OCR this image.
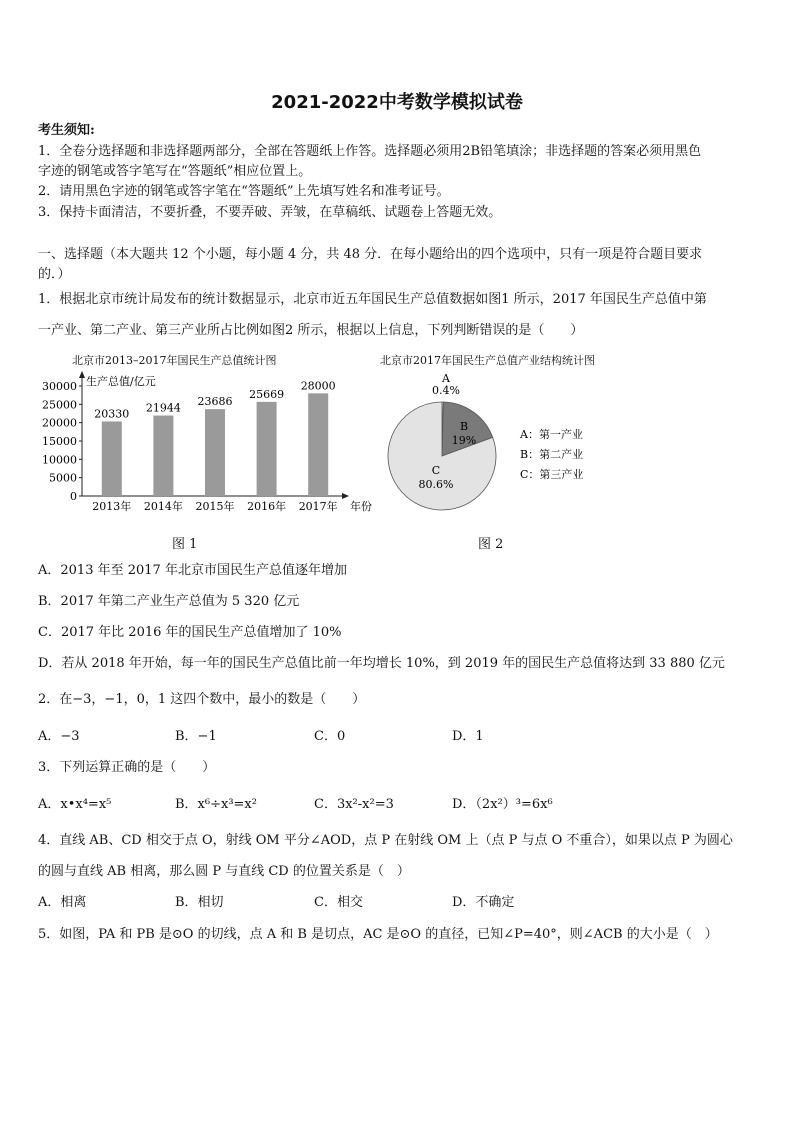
2021-2022中考数学模拟试卷
考生须知:
1．全卷分选择题和非选择题两部分，全部在答题纸上作答。选择题必须用2B铅笔填涂；非选择题的答案必须用黑色
字迹的钢笔或答字笔写在“答题纸”相应位置上。
2．请用黑色字迹的钢笔或答字笔在“答题纸”上先填写姓名和准考证号。
3．保持卡面清洁，不要折叠，不要弄破、弄皱，在草稿纸、试题卷上答题无效。
一、选择题（本大题共 12 个小题，每小题 4 分，共 48 分．在每小题给出的四个选项中，只有一项是符合题目要求
的．）
1．根据北京市统计局发布的统计数据显示，北京市近五年国民生产总值数据如图1 所示，2017 年国民生产总值中第
一产业、第二产业、第三产业所占比例如图2 所示，根据以上信息，下列判断错误的是（　　）
北京市2013–2017年国民生产总值统计图
生产总值/亿元
年份
0
5000
10000
15000
20000
25000
30000
20330
2013年
21944
2014年
23686
2015年
25669
2016年
28000
2017年
图 1
北京市2017年国民生产总值产业结构统计图
A
0.4%
B
19%
C
80.6%
A：第一产业
B：第二产业
C：第三产业
图 2
A．2013 年至 2017 年北京市国民生产总值逐年增加
B．2017 年第二产业生产总值为 5 320 亿元
C．2017 年比 2016 年的国民生产总值增加了 10%
D．若从 2018 年开始，每一年的国民生产总值比前一年均增长 10%，到 2019 年的国民生产总值将达到 33 880 亿元
2．在−3，−1，0，1 这四个数中，最小的数是（　　）
A．−3	B．−1	C．0	D．1
3．下列运算正确的是（　　）
A．x•x⁴=x⁵	B．x⁶÷x³=x²	C．3x²-x²=3	D．（2x²）³=6x⁶
4．直线 AB、CD 相交于点 O，射线 OM 平分∠AOD，点 P 在射线 OM 上（点 P 与点 O 不重合），如果以点 P 为圆心
的圆与直线 AB 相离，那么圆 P 与直线 CD 的位置关系是（　）
A．相离	B．相切	C．相交	D．不确定
5．如图，PA 和 PB 是⊙O 的切线，点 A 和 B 是切点，AC 是⊙O 的直径，已知∠P=40°，则∠ACB 的大小是（　）
